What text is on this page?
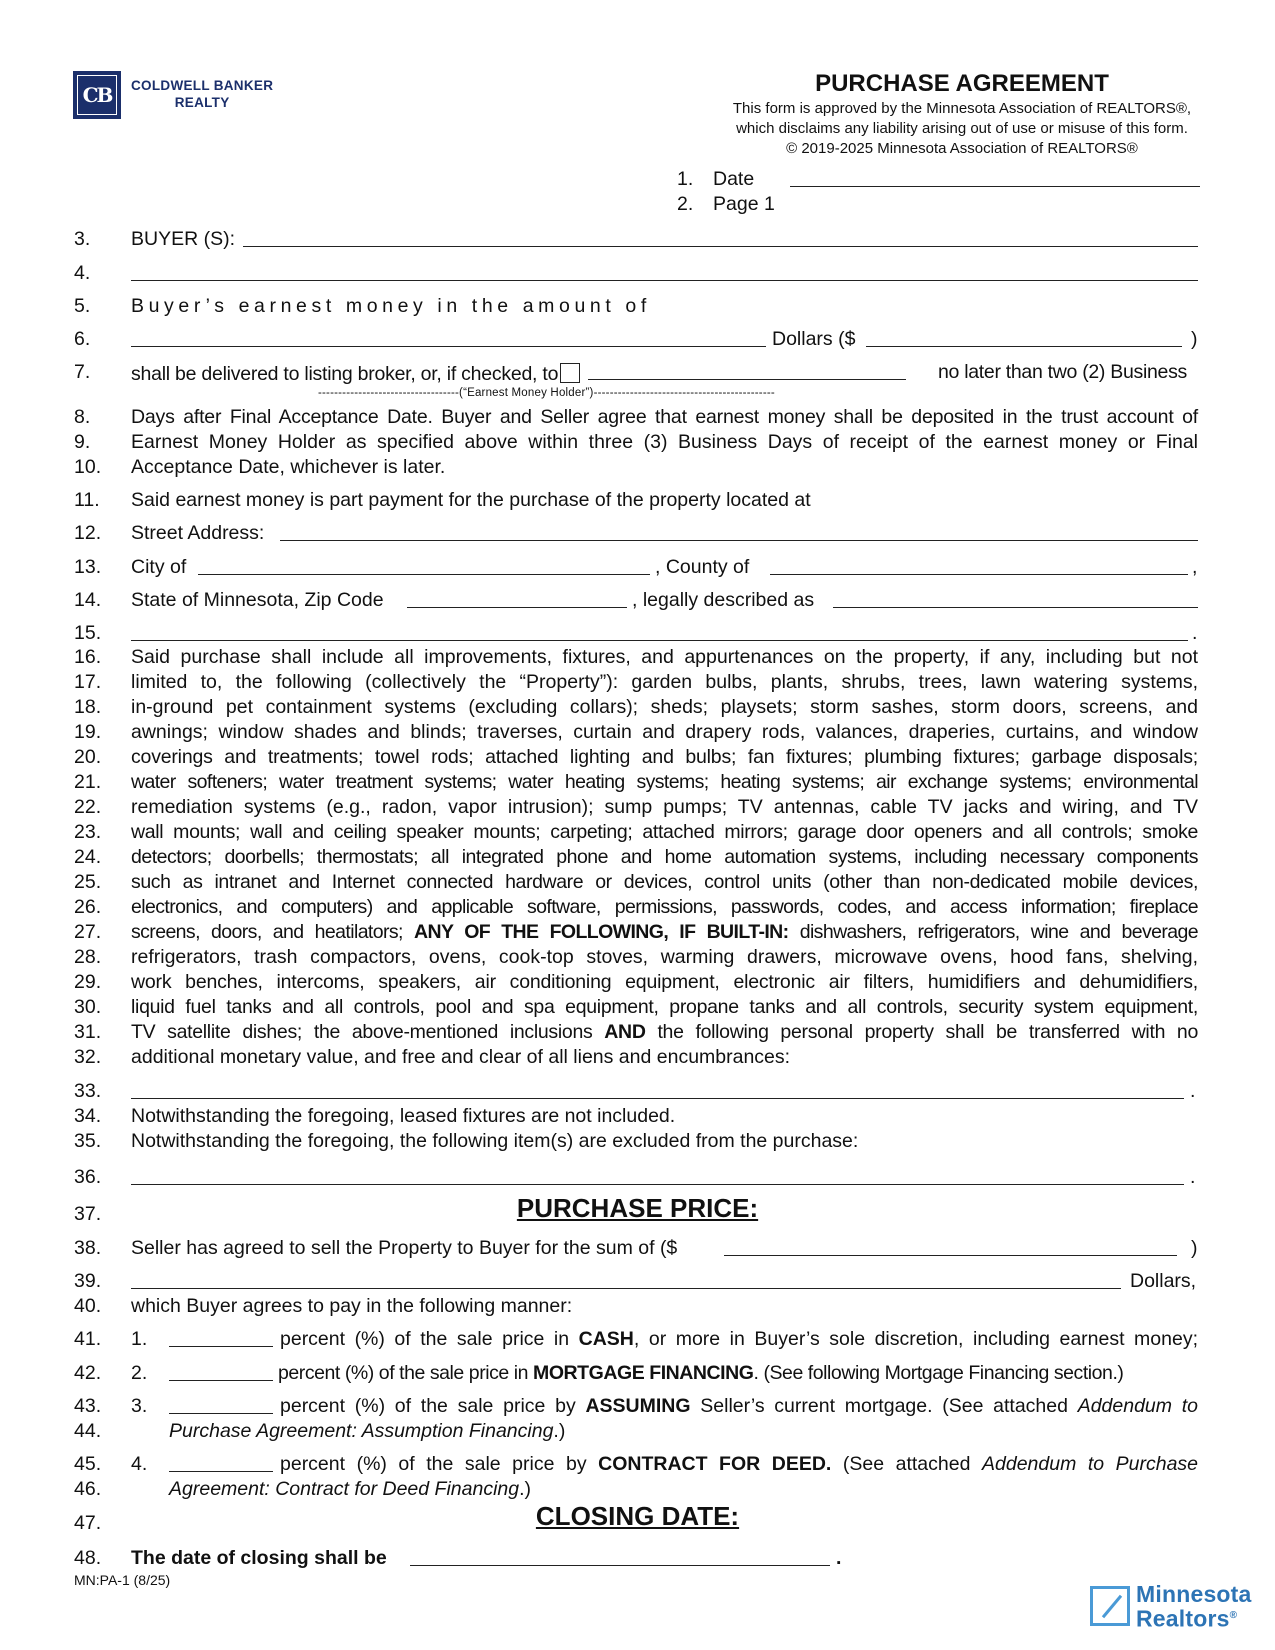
CB COLDWELL BANKER
REALTY
PURCHASE AGREEMENT
This form is approved by the Minnesota Association of REALTORS®,
which disclaims any liability arising out of use or misuse of this form.
© 2019-2025 Minnesota Association of REALTORS®
1.	Date
2.	Page 1
3.	BUYER (S):
4.
5.	Buyer’s earnest money in the amount of
6.	Dollars ($	)
7.	shall be delivered to listing broker, or, if checked, to	no later than two (2) Business
-----------------------------------(“Earnest Money Holder”)---------------------------------------------
8.	Days after Final Acceptance Date. Buyer and Seller agree that earnest money shall be deposited in the trust account of
9.	Earnest Money Holder as specified above within three (3) Business Days of receipt of the earnest money or Final
10.	Acceptance Date, whichever is later.
11.	Said earnest money is part payment for the purchase of the property located at
12.	Street Address:
13.	City of	, County of	,
14.	State of Minnesota, Zip Code	, legally described as
15.	.
16.	Said purchase shall include all improvements, fixtures, and appurtenances on the property, if any, including but not
17.	limited to, the following (collectively the “Property”): garden bulbs, plants, shrubs, trees, lawn watering systems,
18.	in-ground pet containment systems (excluding collars); sheds; playsets; storm sashes, storm doors, screens, and
19.	awnings; window shades and blinds; traverses, curtain and drapery rods, valances, draperies, curtains, and window
20.	coverings and treatments; towel rods; attached lighting and bulbs; fan fixtures; plumbing fixtures; garbage disposals;
21.	water softeners; water treatment systems; water heating systems; heating systems; air exchange systems; environmental
22.	remediation systems (e.g., radon, vapor intrusion); sump pumps; TV antennas, cable TV jacks and wiring, and TV
23.	wall mounts; wall and ceiling speaker mounts; carpeting; attached mirrors; garage door openers and all controls; smoke
24.	detectors; doorbells; thermostats; all integrated phone and home automation systems, including necessary components
25.	such as intranet and Internet connected hardware or devices, control units (other than non-dedicated mobile devices,
26.	electronics, and computers) and applicable software, permissions, passwords, codes, and access information; fireplace
27.	screens, doors, and heatilators; ANY OF THE FOLLOWING, IF BUILT-IN: dishwashers, refrigerators, wine and beverage
28.	refrigerators, trash compactors, ovens, cook-top stoves, warming drawers, microwave ovens, hood fans, shelving,
29.	work benches, intercoms, speakers, air conditioning equipment, electronic air filters, humidifiers and dehumidifiers,
30.	liquid fuel tanks and all controls, pool and spa equipment, propane tanks and all controls, security system equipment,
31.	TV satellite dishes; the above-mentioned inclusions AND the following personal property shall be transferred with no
32.	additional monetary value, and free and clear of all liens and encumbrances:
33.	.
34.	Notwithstanding the foregoing, leased fixtures are not included.
35.	Notwithstanding the foregoing, the following item(s) are excluded from the purchase:
36.	.
37.	PURCHASE PRICE:
38.	Seller has agreed to sell the Property to Buyer for the sum of ($	)
39.	Dollars,
40.	which Buyer agrees to pay in the following manner:
41.	1.	percent (%) of the sale price in CASH, or more in Buyer’s sole discretion, including earnest money;
42.	2.	percent (%) of the sale price in MORTGAGE FINANCING. (See following Mortgage Financing section.)
43.	3.	percent (%) of the sale price by ASSUMING Seller’s current mortgage. (See attached Addendum to
44.	Purchase Agreement: Assumption Financing.)
45.	4.	percent (%) of the sale price by CONTRACT FOR DEED. (See attached Addendum to Purchase
46.	Agreement: Contract for Deed Financing.)
47.	CLOSING DATE:
48.	The date of closing shall be	.
MN:PA-1 (8/25)
Minnesota
Realtors®
